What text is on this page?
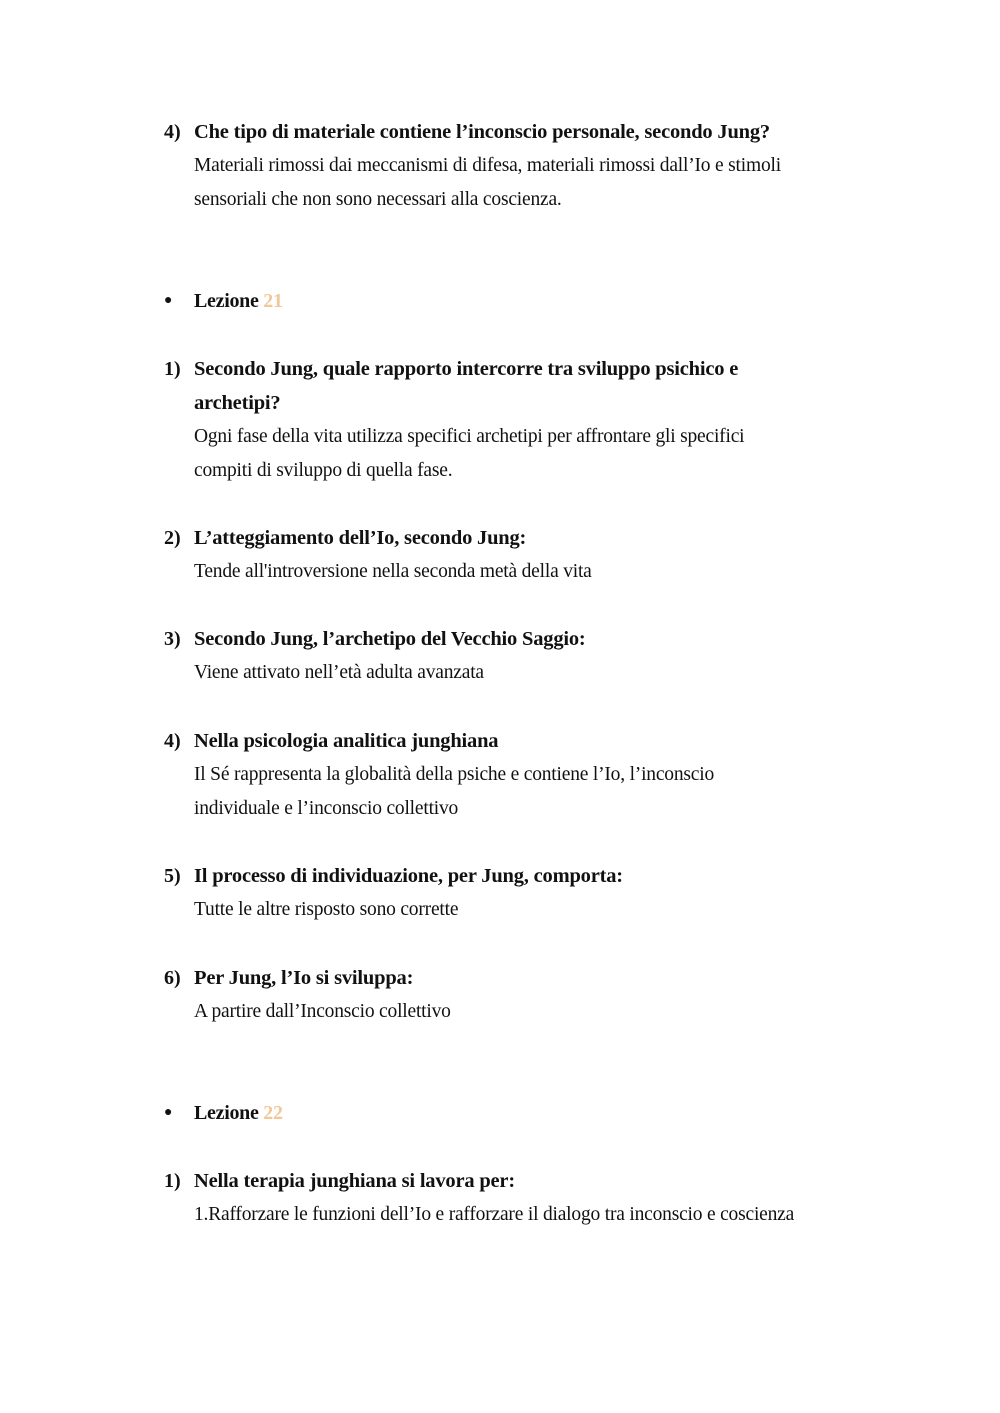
4) Che tipo di materiale contiene l’inconscio personale, secondo Jung?
Materiali rimossi dai meccanismi di difesa, materiali rimossi dall’Io e stimoli
sensoriali che non sono necessari alla coscienza.
● Lezione 21
1) Secondo Jung, quale rapporto intercorre tra sviluppo psichico e
archetipi?
Ogni fase della vita utilizza specifici archetipi per affrontare gli specifici
compiti di sviluppo di quella fase.
2) L’atteggiamento dell’Io, secondo Jung:
Tende all'introversione nella seconda metà della vita
3) Secondo Jung, l’archetipo del Vecchio Saggio:
Viene attivato nell’età adulta avanzata
4) Nella psicologia analitica junghiana
Il Sé rappresenta la globalità della psiche e contiene l’Io, l’inconscio
individuale e l’inconscio collettivo
5) Il processo di individuazione, per Jung, comporta:
Tutte le altre risposto sono corrette
6) Per Jung, l’Io si sviluppa:
A partire dall’Inconscio collettivo
● Lezione 22
1) Nella terapia junghiana si lavora per:
1.Rafforzare le funzioni dell’Io e rafforzare il dialogo tra inconscio e coscienza
